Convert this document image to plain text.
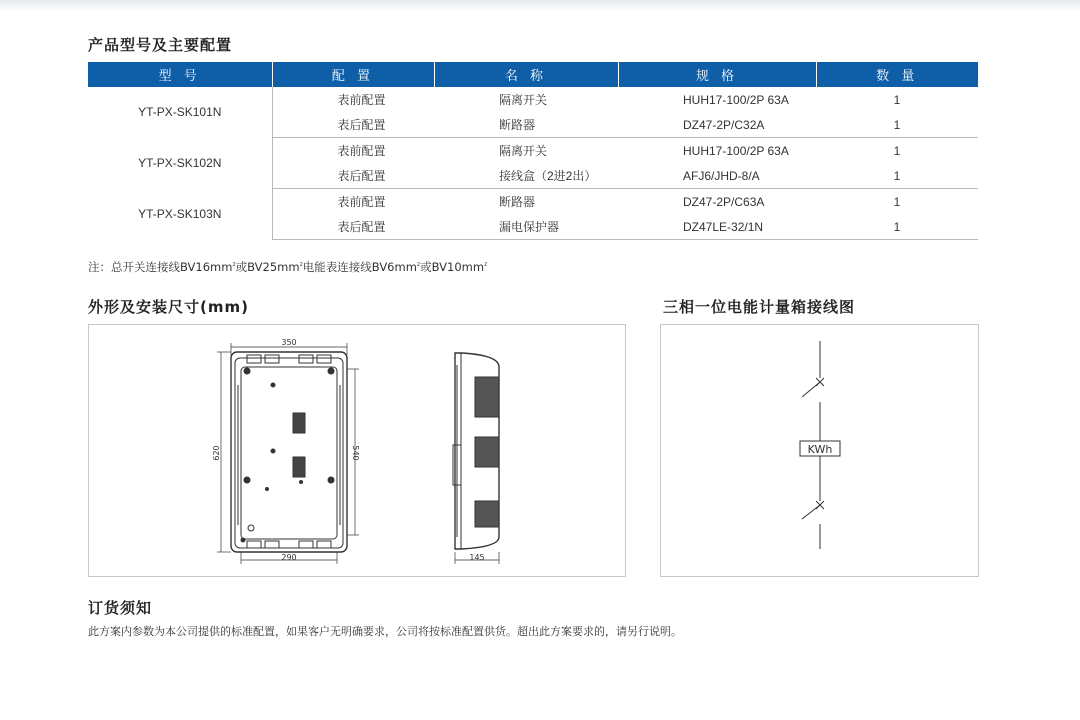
产品型号及主要配置
型 号	配 置	名 称	规 格	数 量
YT-PX-SK101N	表前配置	隔离开关	HUH17-100/2P 63A	1
	表后配置	断路器	DZ47-2P/C32A	1
YT-PX-SK102N	表前配置	隔离开关	HUH17-100/2P 63A	1
	表后配置	接线盒（2进2出）	AFJ6/JHD-8/A	1
YT-PX-SK103N	表前配置	断路器	DZ47-2P/C63A	1
	表后配置	漏电保护器	DZ47LE-32/1N	1
注：总开关连接线$BV16mm^2$或$BV25mm^2$电能表连接线$BV6mm^2$或$BV10mm^2$
外形及安装尺寸(mm)	三相一位电能计量箱接线图
350
620	540
290	145
KWh
订货须知
此方案内参数为本公司提供的标准配置，如果客户无明确要求，公司将按标准配置供货。超出此方案要求的，请另行说明。
